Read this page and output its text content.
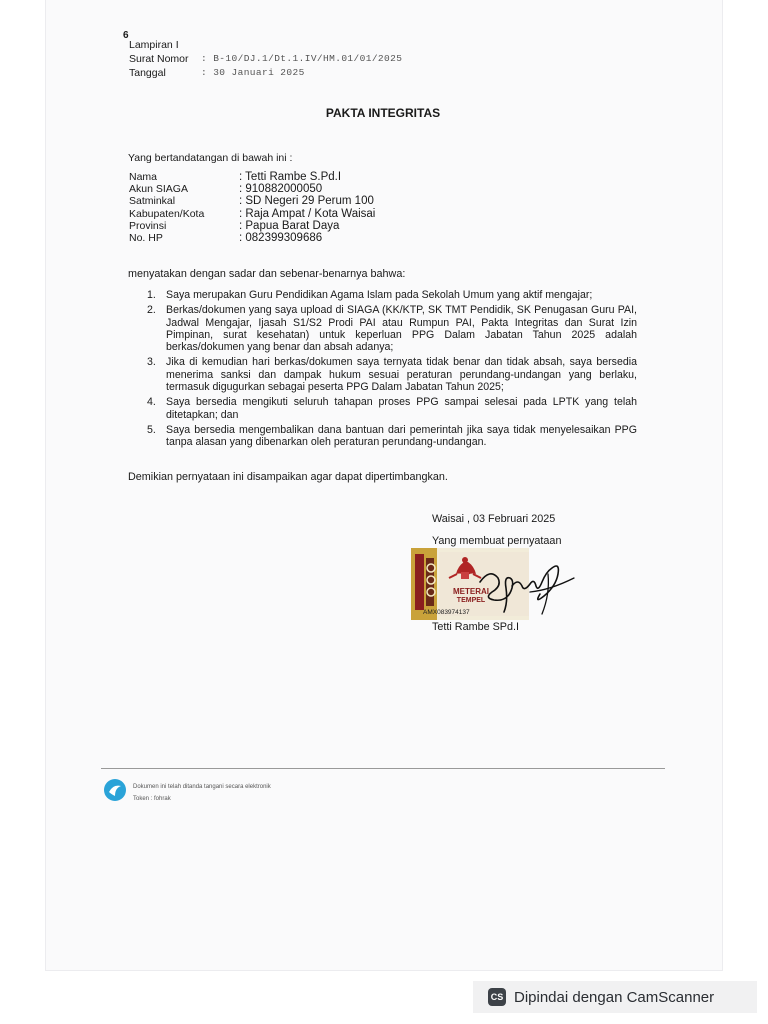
6
Lampiran I
Surat Nomor	: B-10/DJ.1/Dt.1.IV/HM.01/01/2025
Tanggal	: 30 Januari 2025
PAKTA INTEGRITAS
Yang bertandatangan di bawah ini :
Nama	: Tetti Rambe S.Pd.I
Akun SIAGA	: 910882000050
Satminkal	: SD Negeri 29 Perum 100
Kabupaten/Kota	: Raja Ampat / Kota Waisai
Provinsi	: Papua Barat Daya
No. HP	: 082399309686
menyatakan dengan sadar dan sebenar-benarnya bahwa:
1. Saya merupakan Guru Pendidikan Agama Islam pada Sekolah Umum yang aktif mengajar;
2. Berkas/dokumen yang saya upload di SIAGA (KK/KTP, SK TMT Pendidik, SK Penugasan Guru PAI, Jadwal Mengajar, Ijasah S1/S2 Prodi PAI atau Rumpun PAI, Pakta Integritas dan Surat Izin Pimpinan, surat kesehatan) untuk keperluan PPG Dalam Jabatan Tahun 2025 adalah berkas/dokumen yang benar dan absah adanya;
3. Jika di kemudian hari berkas/dokumen saya ternyata tidak benar dan tidak absah, saya bersedia menerima sanksi dan dampak hukum sesuai peraturan perundang-undangan yang berlaku, termasuk digugurkan sebagai peserta PPG Dalam Jabatan Tahun 2025;
4. Saya bersedia mengikuti seluruh tahapan proses PPG sampai selesai pada LPTK yang telah ditetapkan; dan
5. Saya bersedia mengembalikan dana bantuan dari pemerintah jika saya tidak menyelesaikan PPG tanpa alasan yang dibenarkan oleh peraturan perundang-undangan.
Demikian pernyataan ini disampaikan agar dapat dipertimbangkan.
Waisai , 03 Februari 2025
Yang membuat pernyataan
METERAI
TEMPEL
AMX083974137
Tetti Rambe SPd.I
Dokumen ini telah ditanda tangani secara elektronik
Token : fohrak
CS Dipindai dengan CamScanner
